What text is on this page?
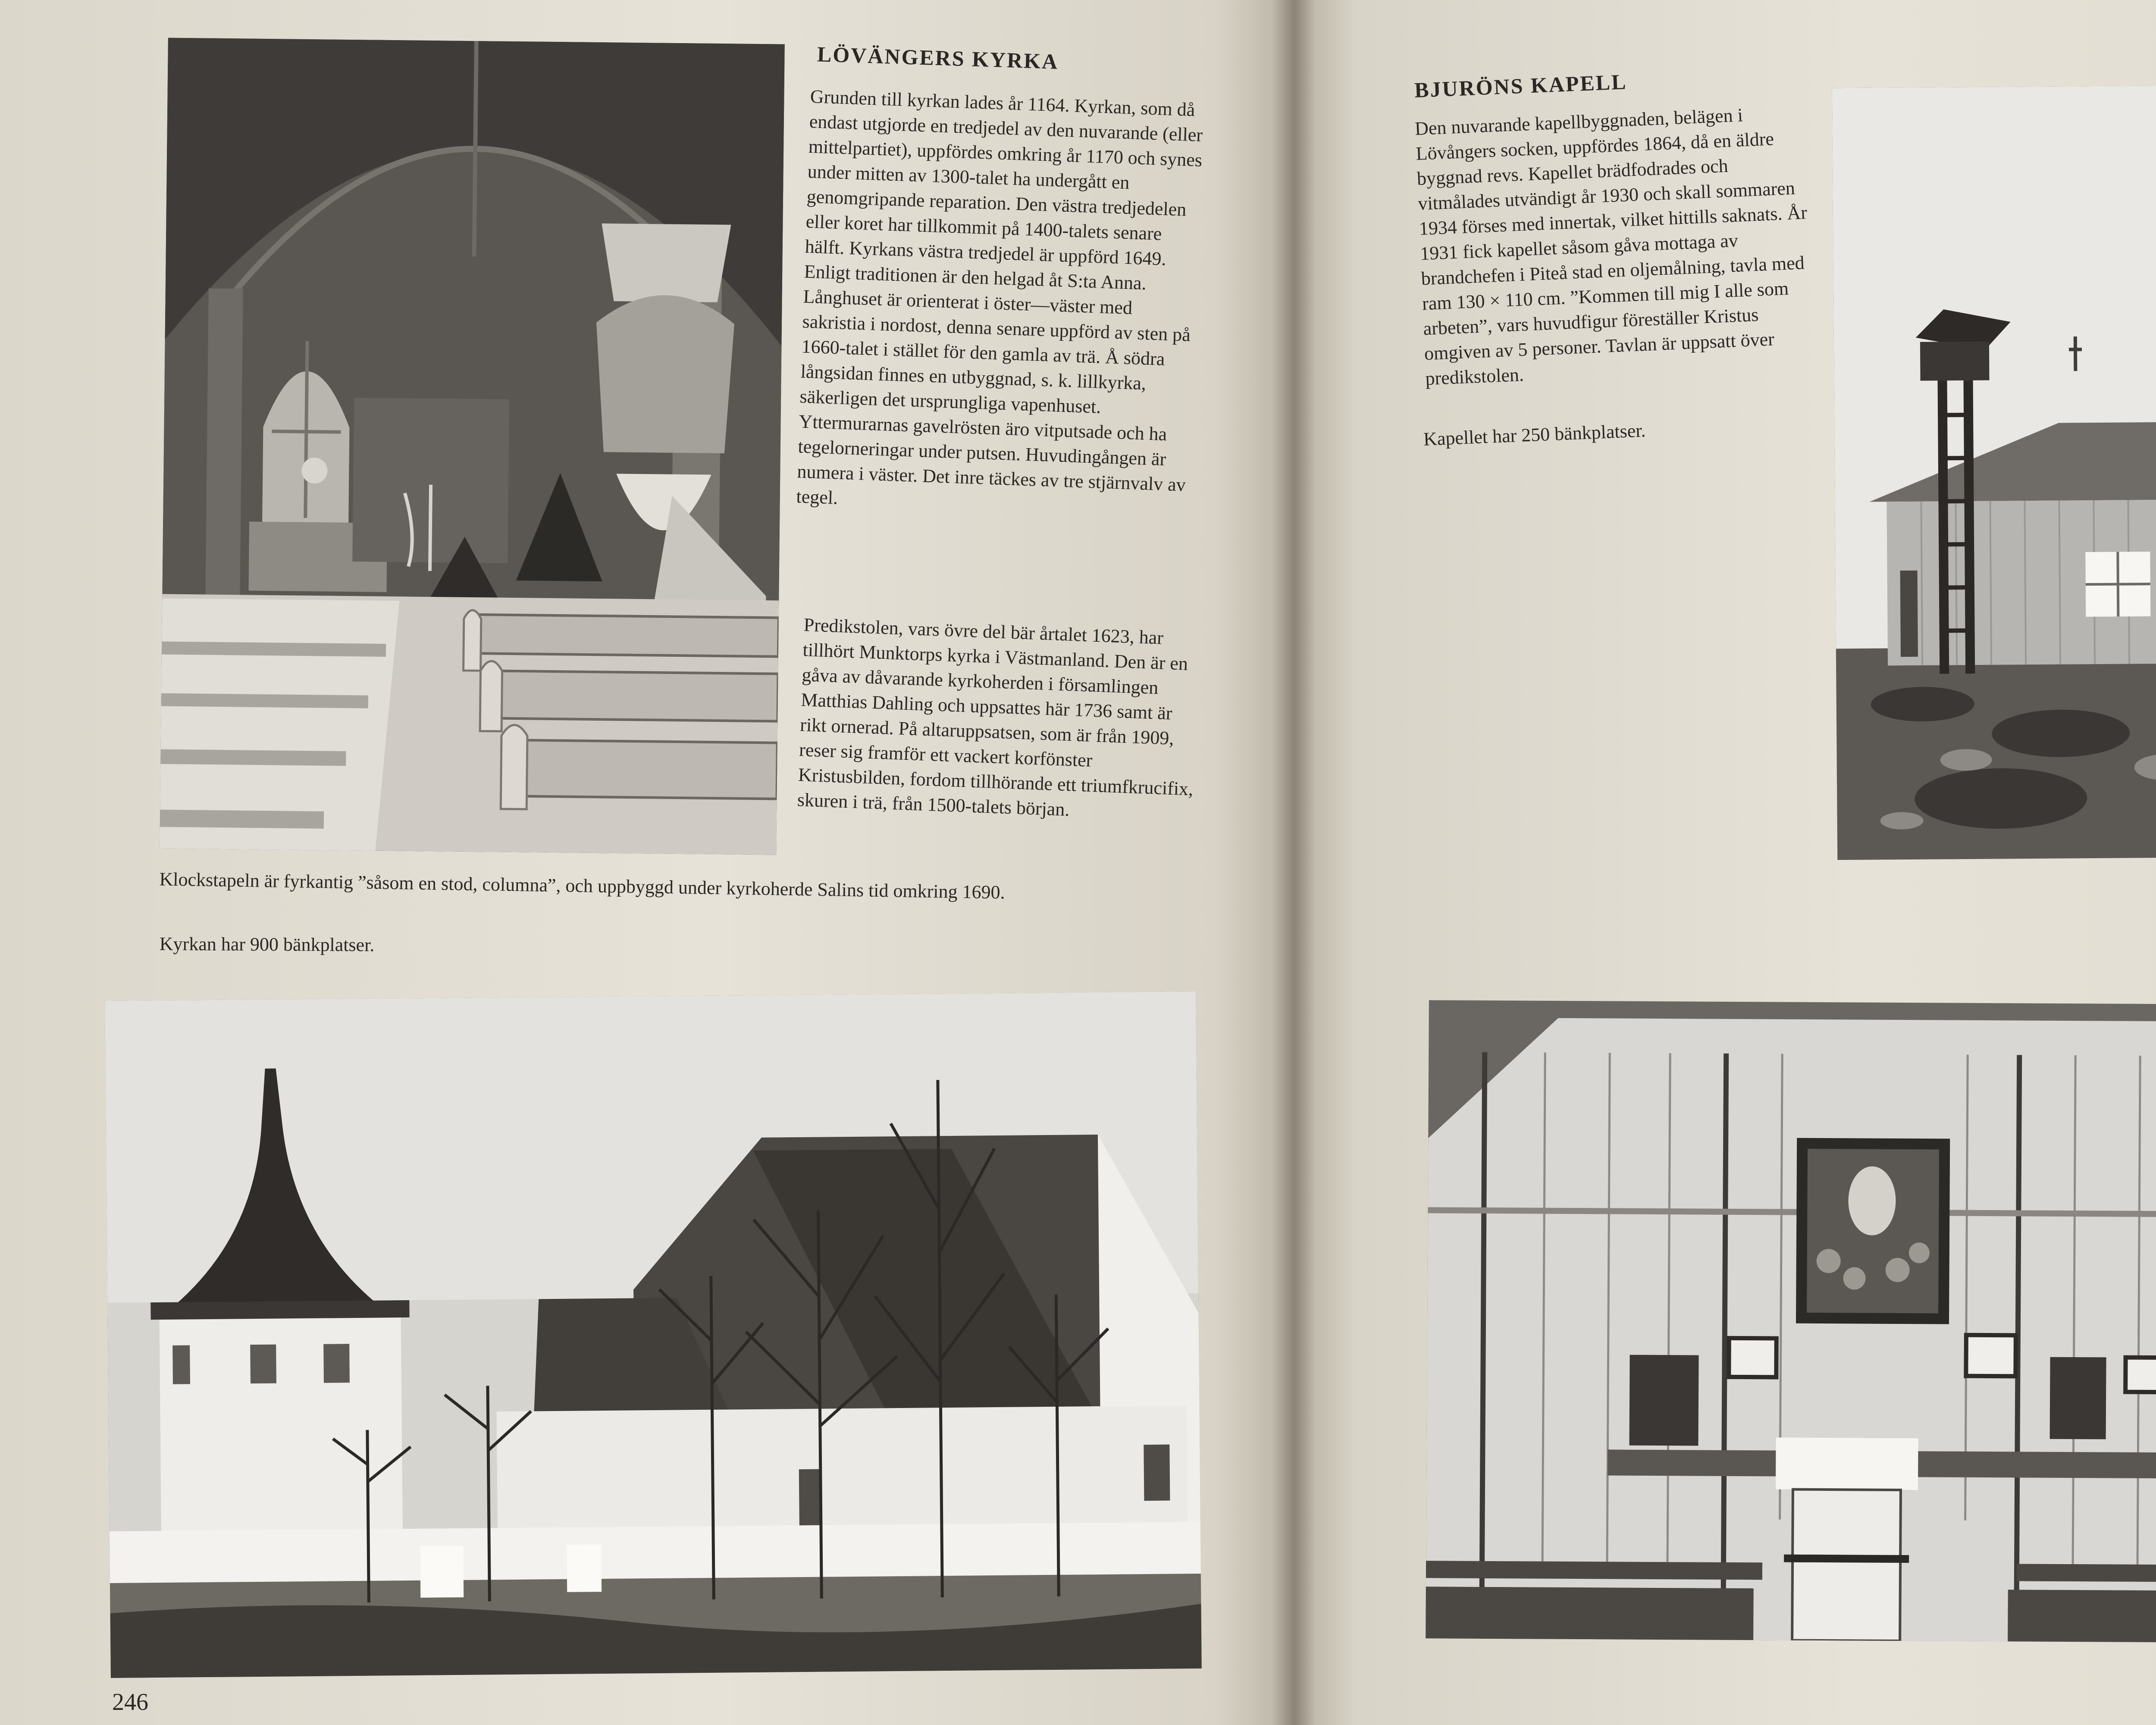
LÖVÄNGERS KYRKA

Grunden till kyrkan lades år 1164. Kyrkan, som då endast utgjorde en tredjedel av den nuvarande (eller mittelpartiet), uppfördes omkring år 1170 och synes under mitten av 1300-talet ha undergått en genomgripande reparation. Den västra tredjedelen eller koret har tillkommit på 1400-talets senare hälft. Kyrkans västra tredjedel är uppförd 1649. Enligt traditionen är den helgad åt S:ta Anna. Långhuset är orienterat i öster—väster med sakristia i nordost, denna senare uppförd av sten på 1660-talet i stället för den gamla av trä. Å södra långsidan finnes en utbyggnad, s. k. lillkyrka, säkerligen det ursprungliga vapenhuset. Yttermurarnas gavelrösten äro vitputsade och ha tegelorneringar under putsen. Huvudingången är numera i väster. Det inre täckes av tre stjärnvalv av tegel.

Predikstolen, vars övre del bär årtalet 1623, har tillhört Munktorps kyrka i Västmanland. Den är en gåva av dåvarande kyrkoherden i församlingen Matthias Dahling och uppsattes här 1736 samt är rikt ornerad. På altaruppsatsen, som är från 1909, reser sig framför ett vackert korfönster Kristusbilden, fordom tillhörande ett triumfkrucifix, skuren i trä, från 1500-talets början.

Klockstapeln är fyrkantig ”såsom en stod, columna”, och uppbyggd under kyrkoherde Salins tid omkring 1690.

Kyrkan har 900 bänkplatser.

246

BJURÖNS KAPELL

Den nuvarande kapellbyggnaden, belägen i Lövångers socken, uppfördes 1864, då en äldre byggnad revs. Kapellet brädfodrades och vitmålades utvändigt år 1930 och skall sommaren 1934 förses med innertak, vilket hittills saknats. År 1931 fick kapellet såsom gåva mottaga av brandchefen i Piteå stad en oljemålning, tavla med ram 130 × 110 cm. ”Kommen till mig I alle som arbeten”, vars huvudfigur föreställer Kristus omgiven av 5 personer. Tavlan är uppsatt över predikstolen.

Kapellet har 250 bänkplatser.
